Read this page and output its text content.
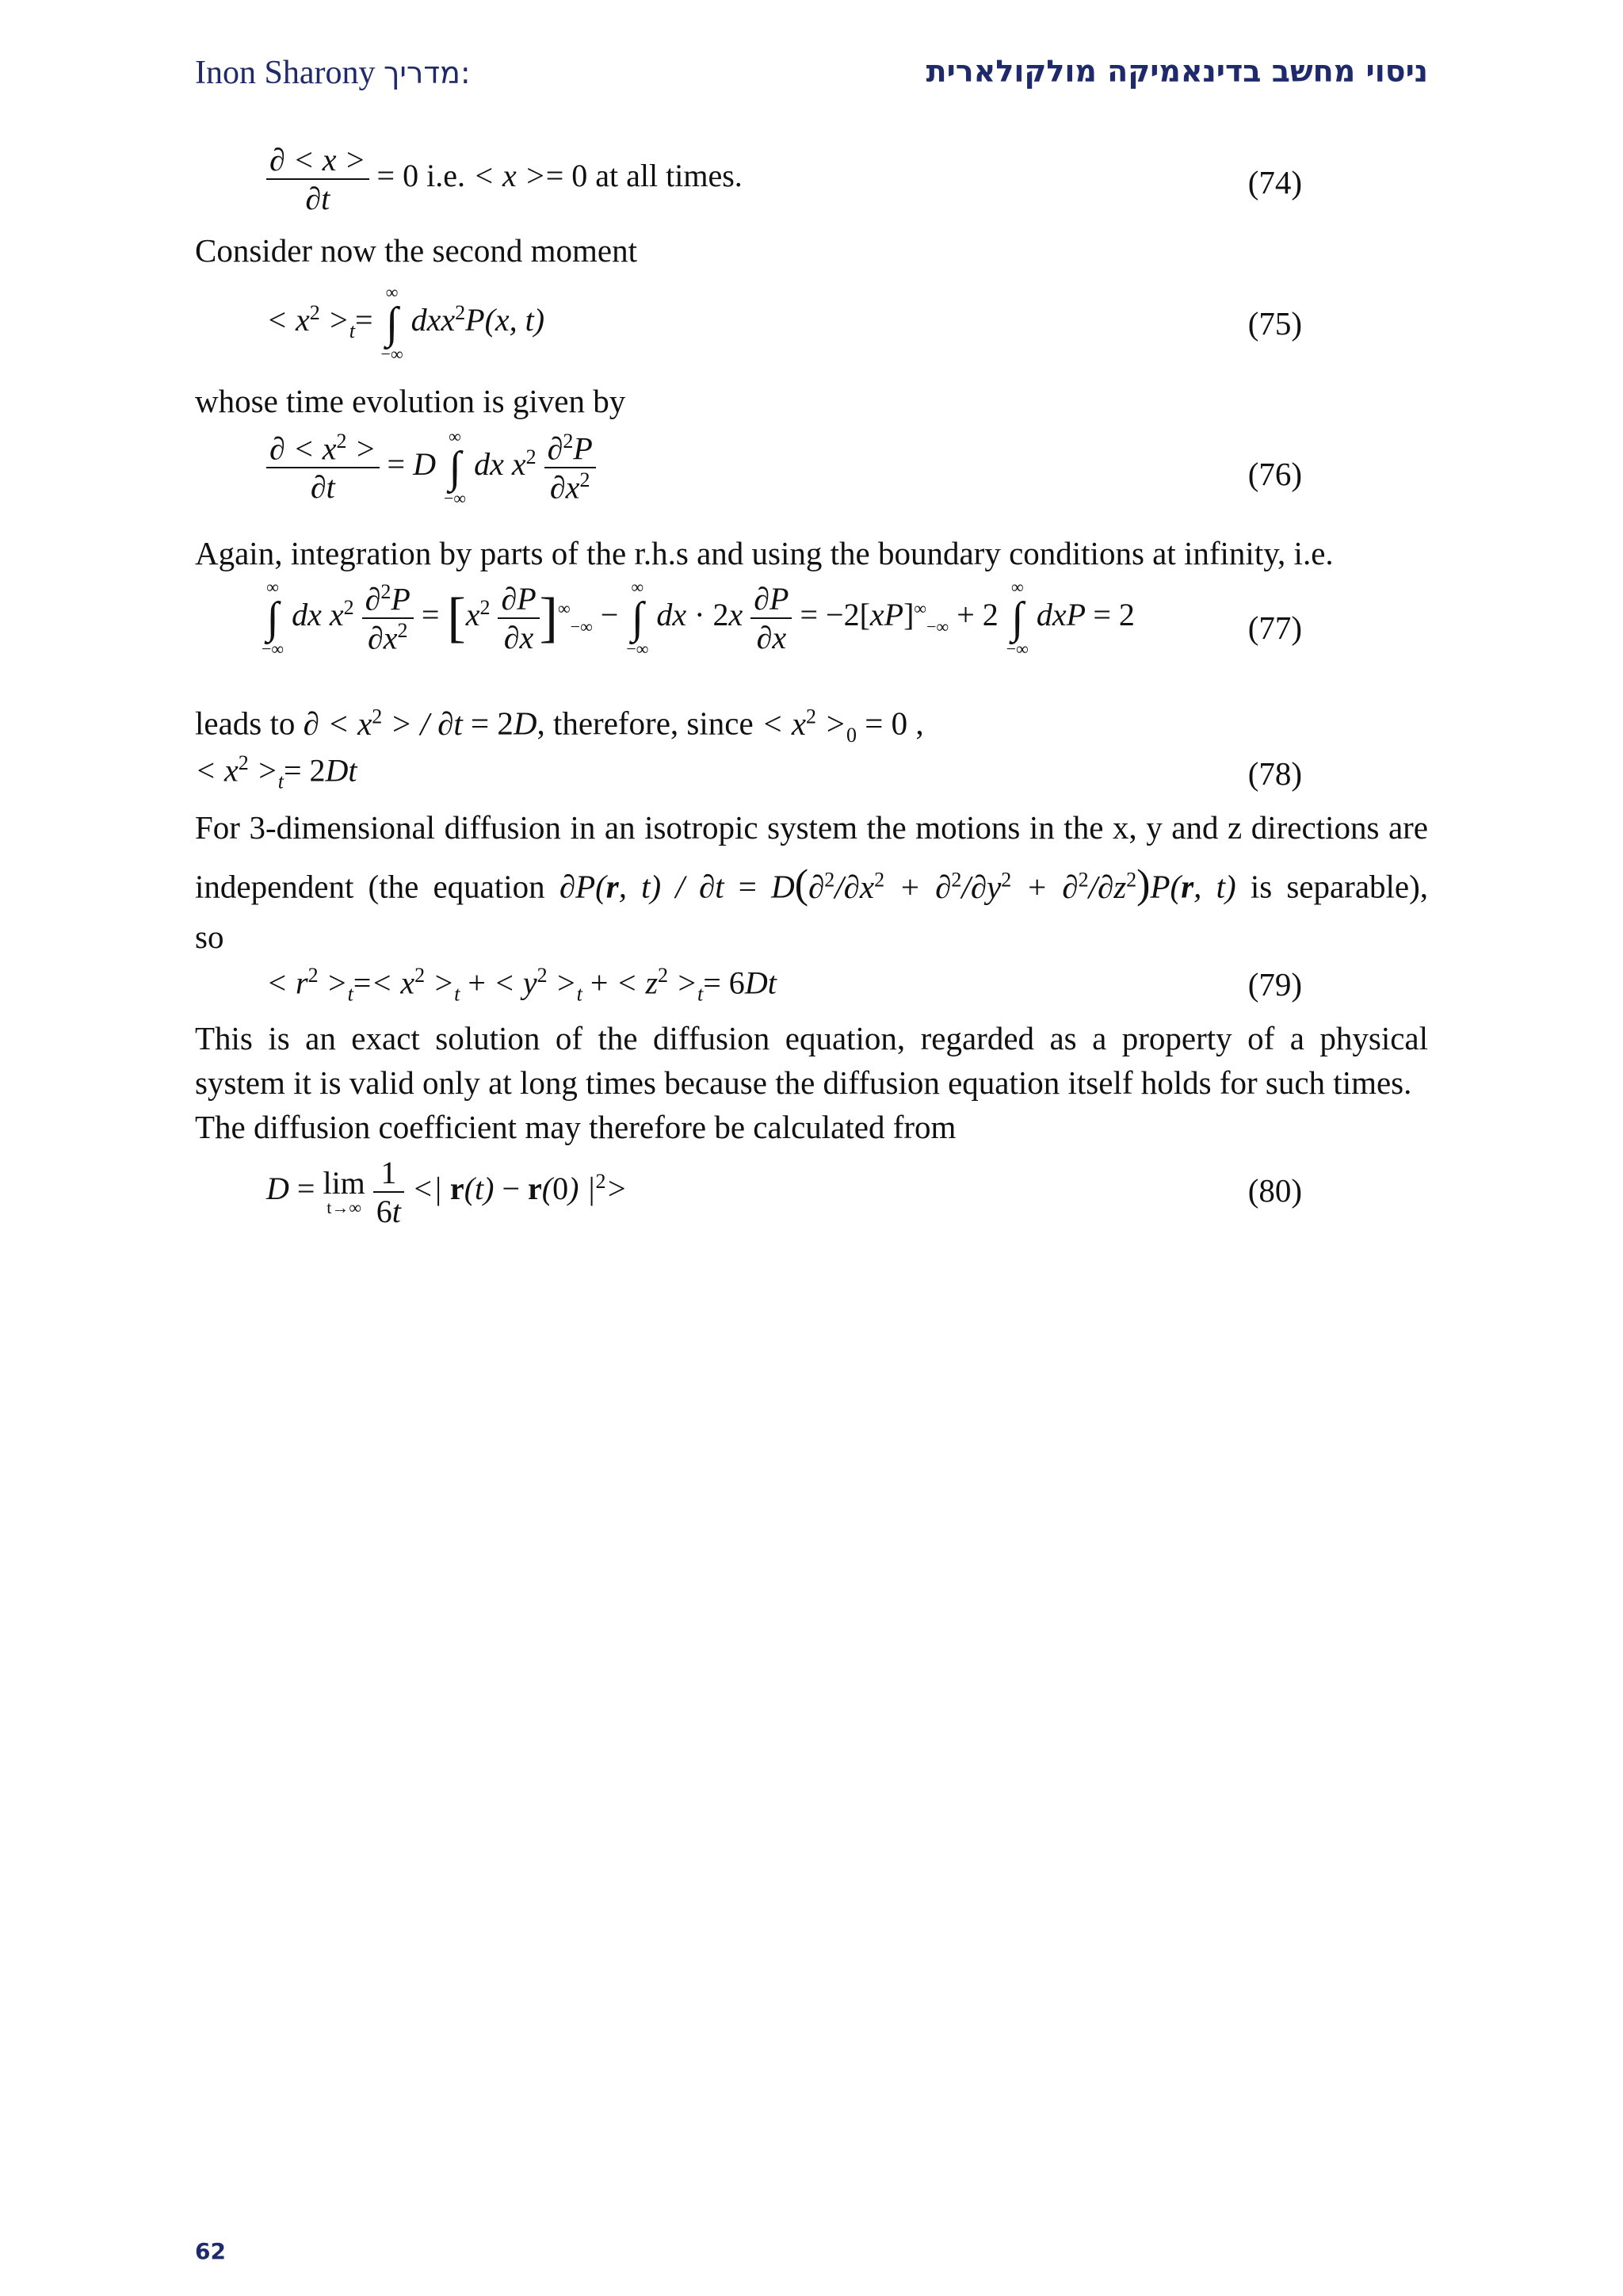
Inon Sharony מדריך:	ניסוי מחשב בדינאמיקה מולקולארית
$\frac{\partial < x >}{\partial t} = 0$ i.e. < x >= 0 at all times.	(74)
Consider now the second moment
< $x^2 >_t=$
∞
∫
−∞
dxx$^2$P(x, t)	(75)
whose time evolution is given by
$\frac{\partial < x^2 >}{\partial t} = D$
∞
∫
−∞
dx $x^2 \frac{\partial^2P}{\partial x^2}$	(76)
Again, integration by parts of the r.h.s and using the boundary conditions at infinity, i.e.
∞
∫
−∞
dx $x^2 \frac{\partial^2P}{\partial x^2} = [x^2 \frac{\partial P}{\partial x} ]^\infty_{-\infty}$ −
∞
∫
−∞
dx · $2x \frac{\partial P}{\partial x} = -2[xP]^\infty_{-\infty} + 2$
∞
∫
−∞
dxP = 2	(77)
leads to ∂ < $x^2$ > / ∂t = 2D, therefore, since < $x^2 >_0 = 0$ ,
< $x^2 >_t= 2Dt$	(78)
For 3-dimensional diffusion in an isotropic system the motions in the x, y and z directions are
independent (the equation ∂P(r, $t) / \partial t = D(\partial^2/\partial x^2 + \partial^2/\partial y^2 + \partial^2/\partial z^2)P(r$, t) is separable),
so
< $r^2 >_t=< x^2 >_t$ + < $y^2 >_t$ + < $z^2 >_t= 6Dt$	(79)
This is an exact solution of the diffusion equation, regarded as a property of a physical
system it is valid only at long times because the diffusion equation itself holds for such times.
The diffusion coefficient may therefore be calculated from
D = lim
t→∞
$\frac{1}{6t}$ <| r(t) − r(0) $|^2>$	(80)
62
